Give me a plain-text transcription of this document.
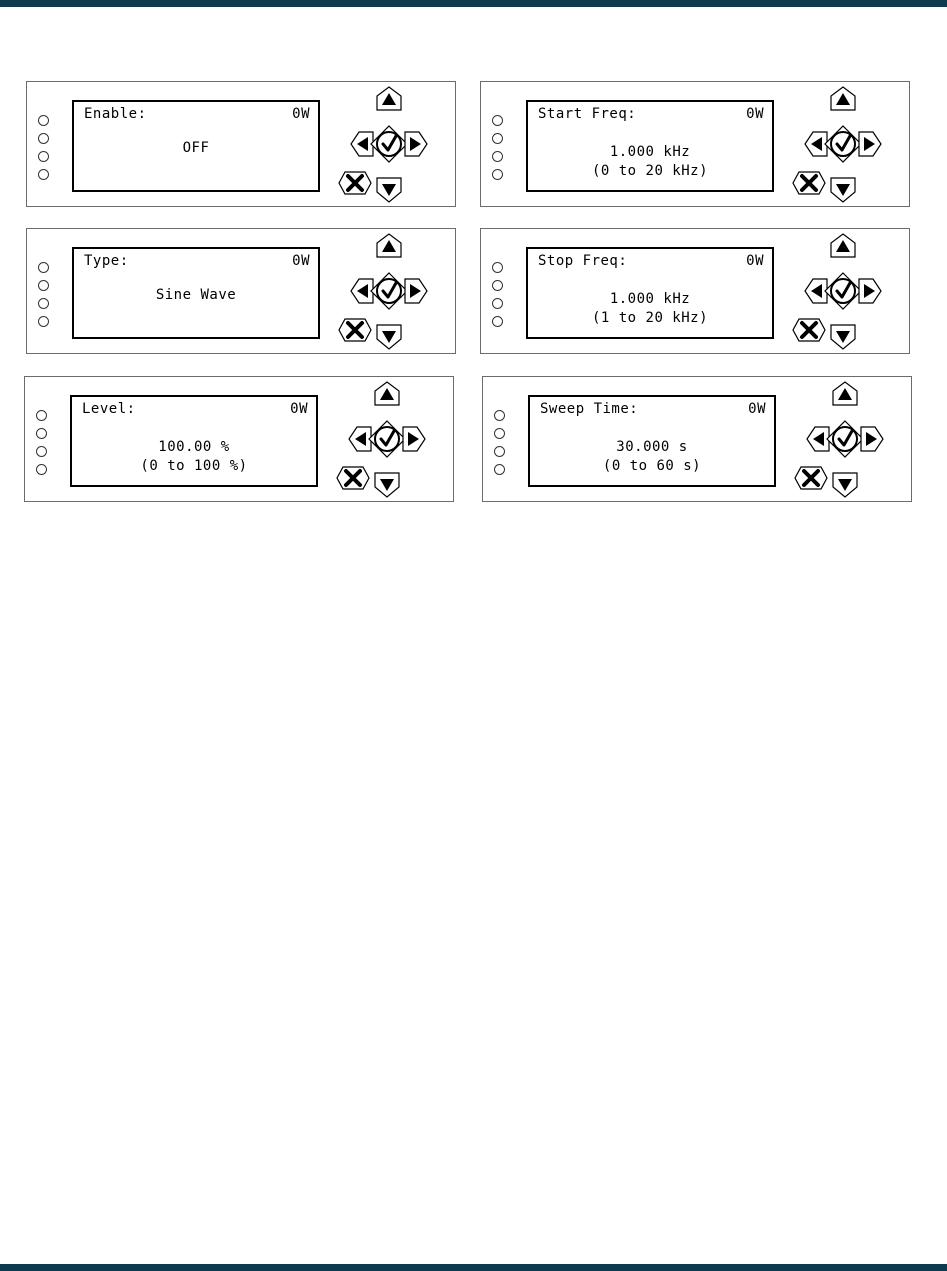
Enable:	0W
OFF
Start Freq:	0W
1.000 kHz
(0 to 20 kHz)
Type:	0W
Sine Wave
Stop Freq:	0W
1.000 kHz
(1 to 20 kHz)
Level:	0W
100.00 %
(0 to 100 %)
Sweep Time:	0W
30.000 s
(0 to 60 s)
